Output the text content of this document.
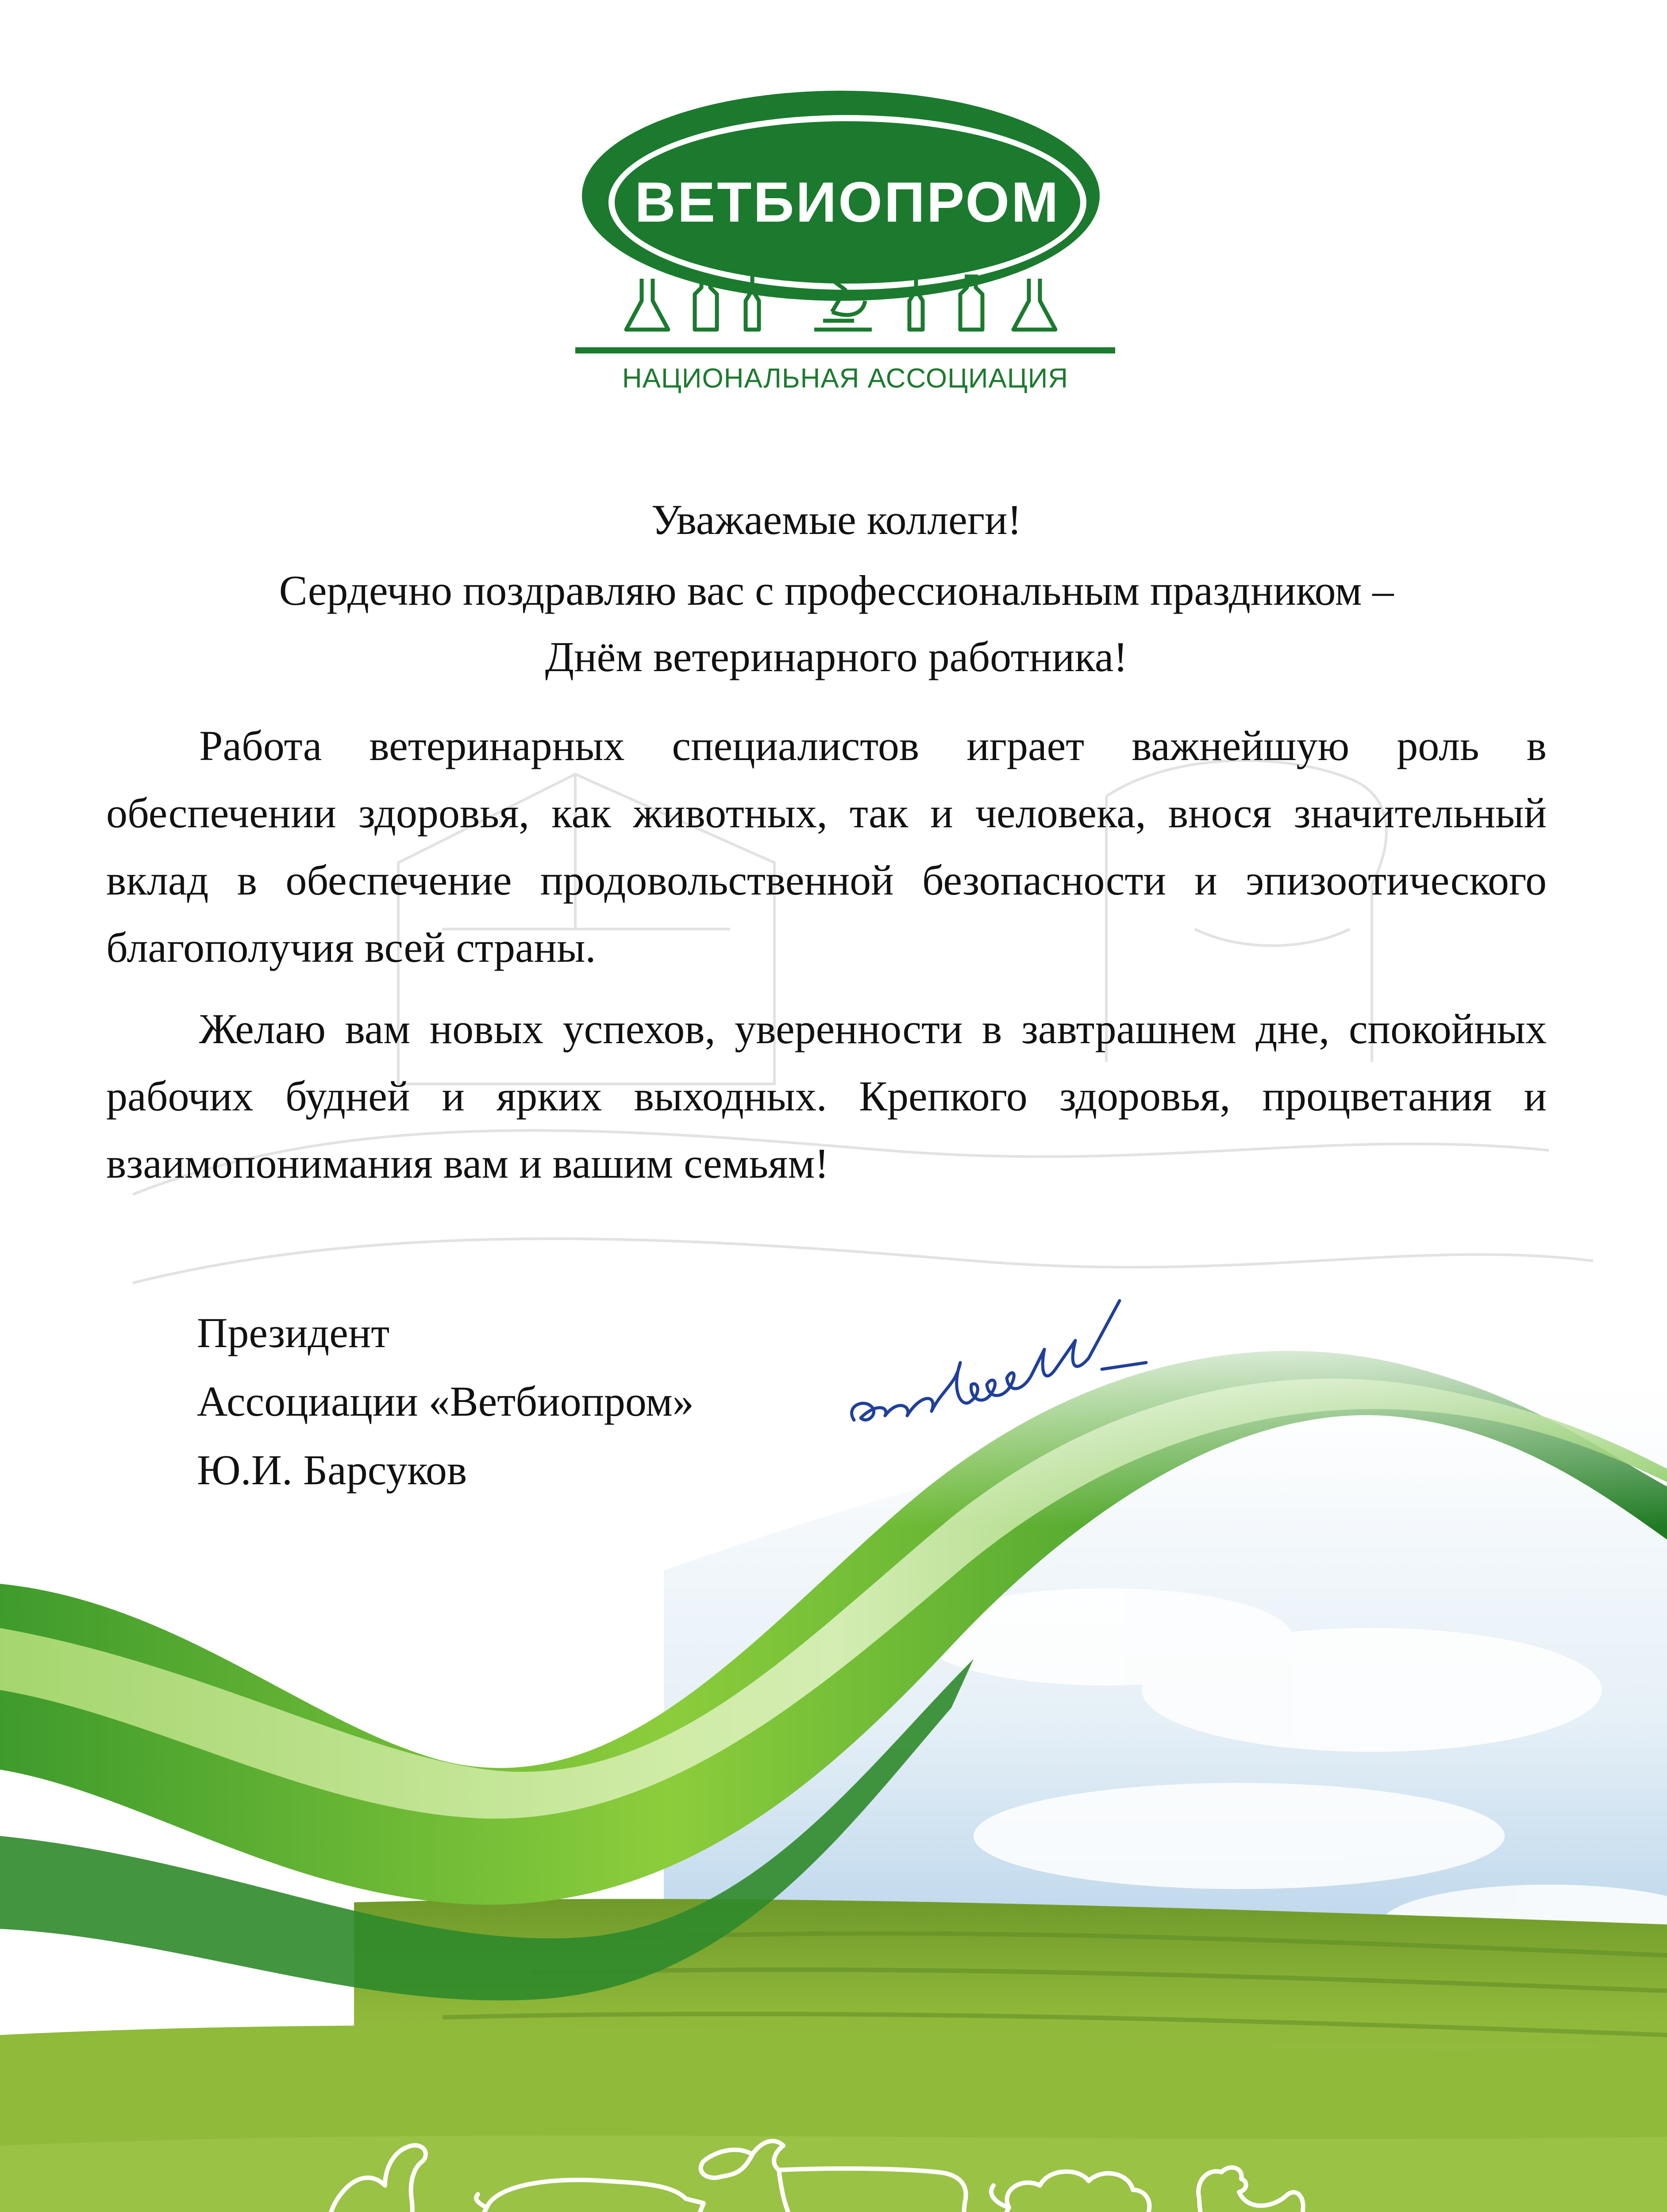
ВЕТБИОПРОМ
НАЦИОНАЛЬНАЯ АССОЦИАЦИЯ
Уважаемые коллеги!
Сердечно поздравляю вас с профессиональным праздником –
Днём ветеринарного работника!
Работа ветеринарных специалистов играет важнейшую роль в обеспечении здоровья, как животных, так и человека, внося значительный вклад в обеспечение продовольственной безопасности и эпизоотического благополучия всей страны.
Желаю вам новых успехов, уверенности в завтрашнем дне, спокойных рабочих будней и ярких выходных. Крепкого здоровья, процветания и взаимопонимания вам и вашим семьям!
Президент
Ассоциации «Ветбиопром»
Ю.И. Барсуков
